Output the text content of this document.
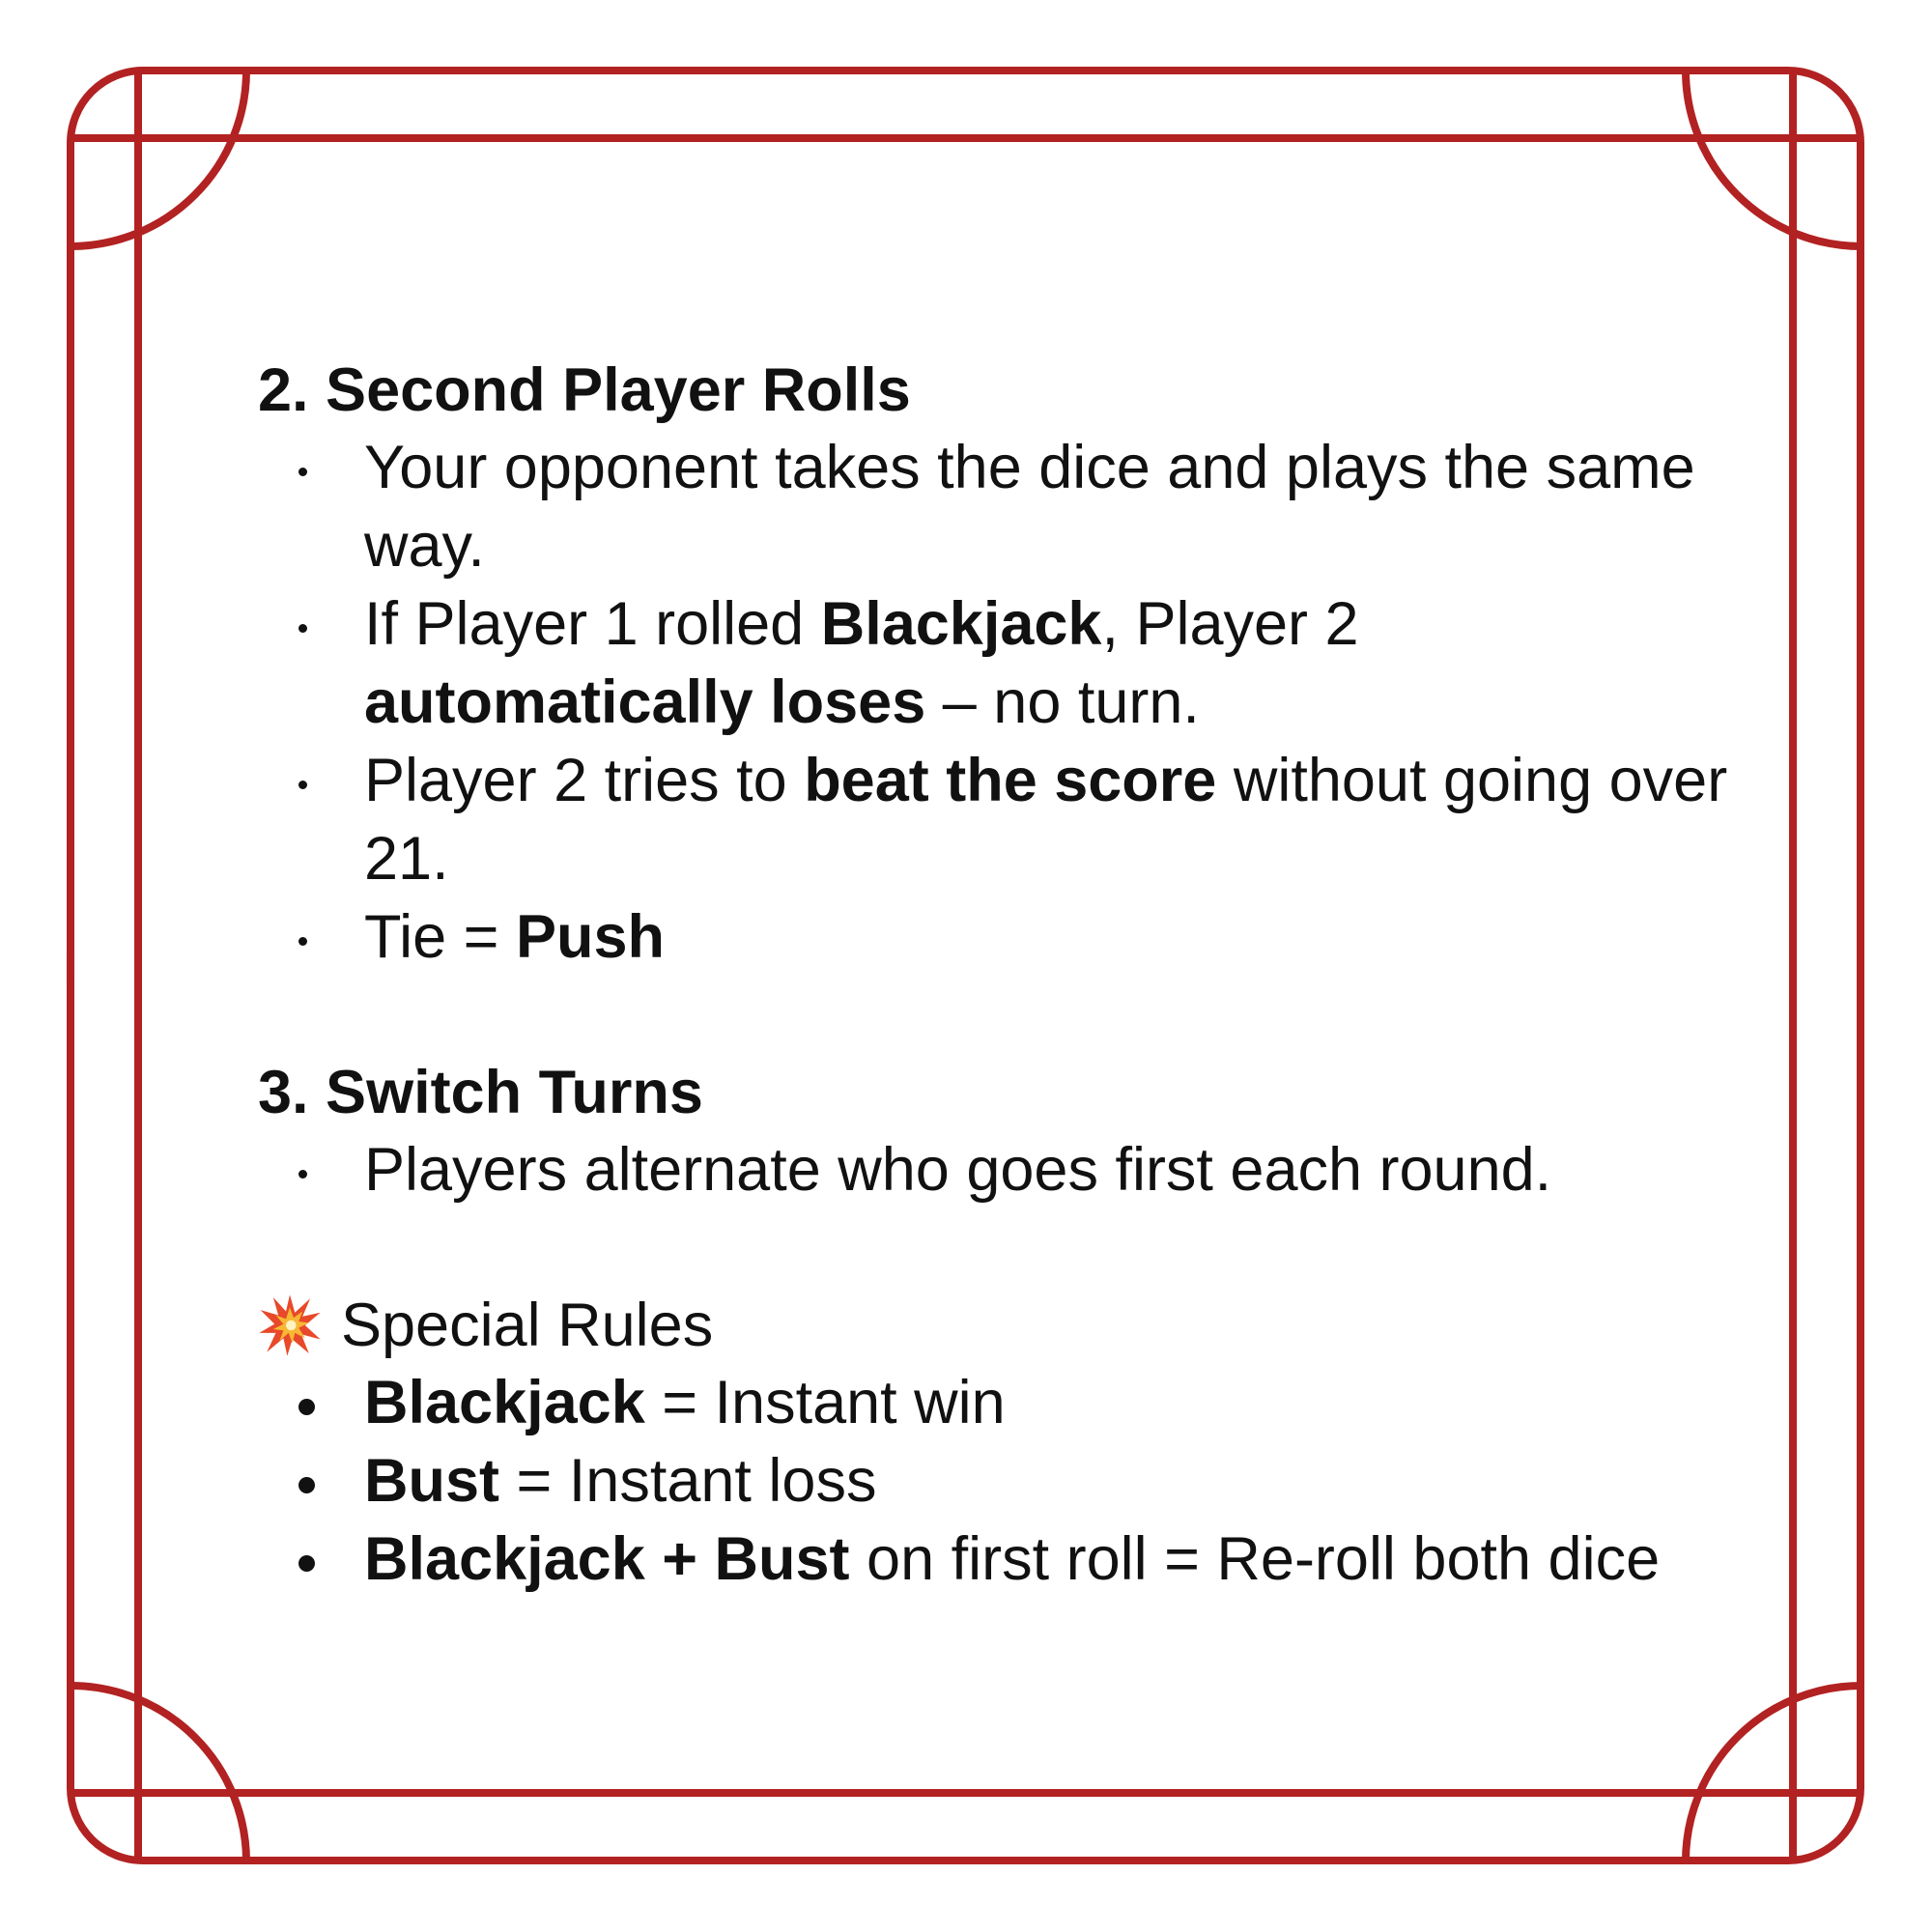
2. Second Player Rolls
Your opponent takes the dice and plays the same way.
If Player 1 rolled Blackjack, Player 2 automatically loses – no turn.
Player 2 tries to beat the score without going over 21.
Tie = Push
3. Switch Turns
Players alternate who goes first each round.
Special Rules
Blackjack = Instant win
Bust = Instant loss
Blackjack + Bust on first roll = Re-roll both dice
